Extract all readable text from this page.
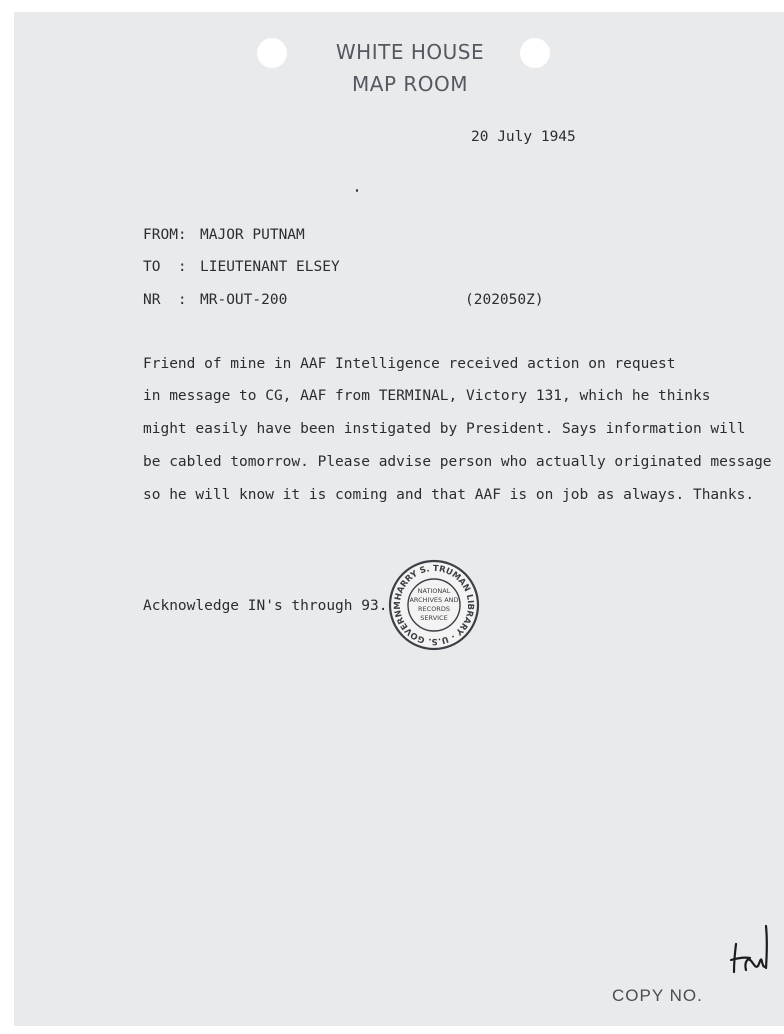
WHITE HOUSE
MAP ROOM
20 July 1945
FROM: MAJOR PUTNAM
TO  : LIEUTENANT ELSEY
NR  : MR-OUT-200	(202050Z)
Friend of mine in AAF Intelligence received action on request
in message to CG, AAF from TERMINAL, Victory 131, which he thinks
might easily have been instigated by President. Says information will
be cabled tomorrow. Please advise person who actually originated message
so he will know it is coming and that AAF is on job as always. Thanks.
Acknowledge IN's through 93.
HARRY S. TRUMAN LIBRARY · U.S. GOVERNM
NATIONAL
ARCHIVES AND
RECORDS
SERVICE
COPY NO.
